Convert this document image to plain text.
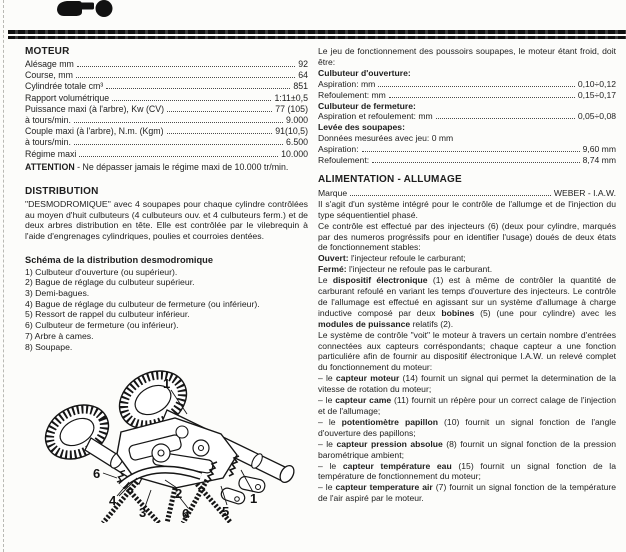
MOTEUR
Alésage mm	92
Course, mm	64
Cylindrée totale cm³	851
Rapport volumétrique	1:11±0,5
Puissance maxi (à l'arbre), Kw (CV)	77 (105)
à tours/min.	9.000
Couple maxi (à l'arbre), N.m. (Kgm)	91(10,5)
à tours/min.	6.500
Régime maxi	10.000
ATTENTION - Ne dépasser jamais le régime maxi de 10.000 tr/min.
DISTRIBUTION

"DESMODROMIQUE" avec 4 soupapes pour chaque cylindre contrôlées au moyen d'huit culbuteurs (4 culbuteurs ouv. et 4 culbuteurs ferm.) et de deux arbres distribution en tête. Elle est contrôlée par le vilebrequin à l'aide d'engrenages cylindriques, poulies et courroies dentées.

Schéma de la distribution desmodromique

1) Culbuteur d'ouverture (ou supérieur).

2) Bague de réglage du culbuteur supérieur.

3) Demi-bagues.

4) Bague de réglage du culbuteur de fermeture (ou inférieur).

5) Ressort de rappel du culbuteur inférieur.

6) Culbuteur de fermeture (ou inférieur).

7) Arbre à cames.

8) Soupape.

1
6
4
3
2
6	5
1

Le jeu de fonctionnement des poussoirs soupapes, le moteur étant froid, doit être:

Culbuteur d'ouverture:
Aspiration: mm	0,10÷0,12
Refoulement: mm	0,15÷0,17
Culbuteur de fermeture:
Aspiration et refoulement: mm	0,05÷0,08
Levée des soupapes:
Données mesurées avec jeu: 0 mm
Aspiration:	9,60 mm
Refoulement:	8,74 mm
ALIMENTATION - ALLUMAGE
Marque	WEBER - I.A.W.

Il s'agit d'un système intégré pour le contrôle de l'allumge et de l'injection du type séquentientiel phasé.

Ce contrôle est effectué par des injecteurs (6) (deux pour cylindre, marqués par des numeros progréssifs pour en identifier l'usage) doués de deux états de fonctionnement stables:

Ouvert: l'injecteur refoule le carburant;

Fermé: l'injecteur ne refoule pas le carburant.

Le dispositif électronique (1) est à même de contrôler la quantité de carburant refoulé en variant les temps d'ouverture des injecteurs. Le contrôle de l'allumage est effectué en agissant sur un système d'allumage à charge inductive composé par deux bobines (5) (une pour cylindre) avec les modules de puissance relatifs (2).

Le système de contrôle "voit" le moteur à travers un certain nombre d'entrées connectées aux capteurs corréspondants; chaque capteur a une fonction particuliére afin de fournir au dispositif électronique I.A.W. un relevé complet du fonctionnement du moteur:

– le capteur moteur (14) fournit un signal qui permet la determination de la vitesse de rotation du moteur;

– le capteur came (11) fournit un répère pour un correct calage de l'injection et de l'allumage;

– le potentiomètre papillon (10) fournit un signal fonction de l'angle d'ouverture des papillons;

– le capteur pression absolue (8) fournit un signal fonction de la pression barométrique ambient;

– le capteur température eau (15) fournit un signal fonction de la température de fonctionnement du moteur;

– le capteur temperature air (7) fournit un signal fonction de la température de l'air aspiré par le moteur.
